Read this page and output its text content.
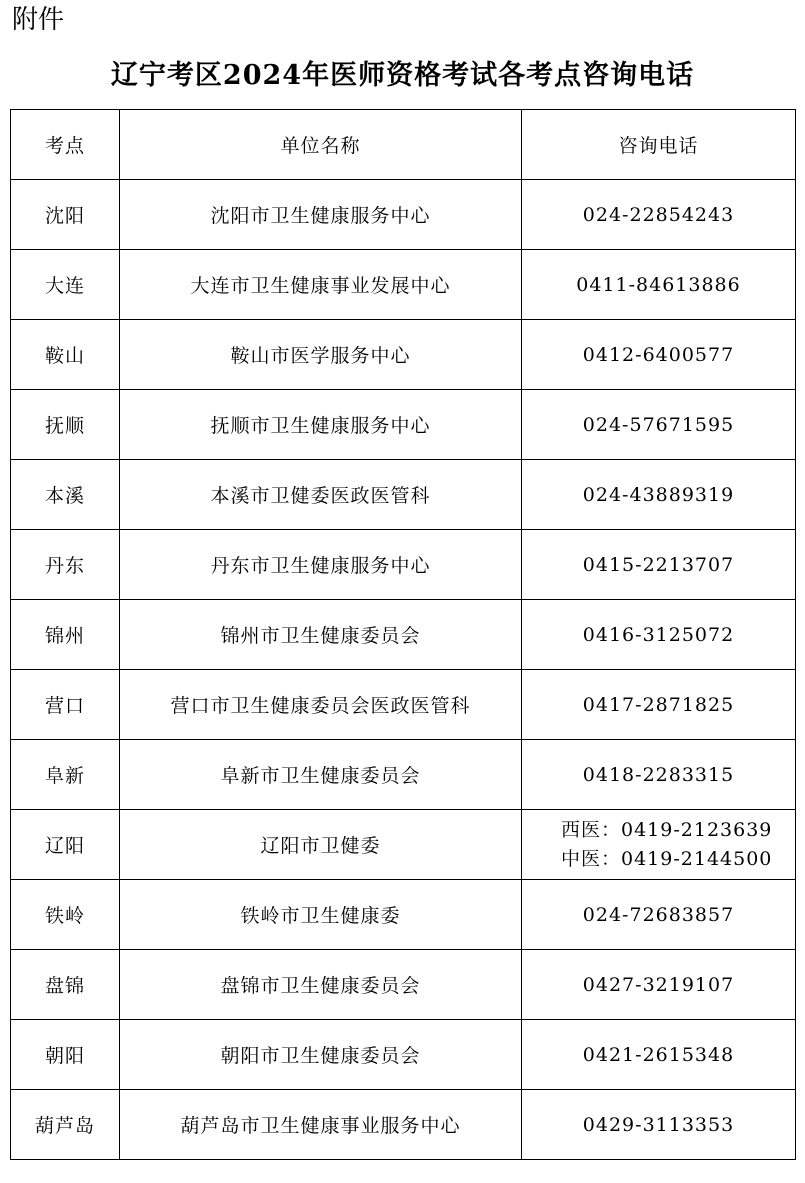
附件
辽宁考区2024年医师资格考试各考点咨询电话
考点	单位名称	咨询电话
沈阳	沈阳市卫生健康服务中心	024-22854243
大连	大连市卫生健康事业发展中心	0411-84613886
鞍山	鞍山市医学服务中心	0412-6400577
抚顺	抚顺市卫生健康服务中心	024-57671595
本溪	本溪市卫健委医政医管科	024-43889319
丹东	丹东市卫生健康服务中心	0415-2213707
锦州	锦州市卫生健康委员会	0416-3125072
营口	营口市卫生健康委员会医政医管科	0417-2871825
阜新	阜新市卫生健康委员会	0418-2283315
辽阳	辽阳市卫健委	西医：0419-2123639
中医：0419-2144500

铁岭	铁岭市卫生健康委	024-72683857
盘锦	盘锦市卫生健康委员会	0427-3219107
朝阳	朝阳市卫生健康委员会	0421-2615348
葫芦岛	葫芦岛市卫生健康事业服务中心	0429-3113353
